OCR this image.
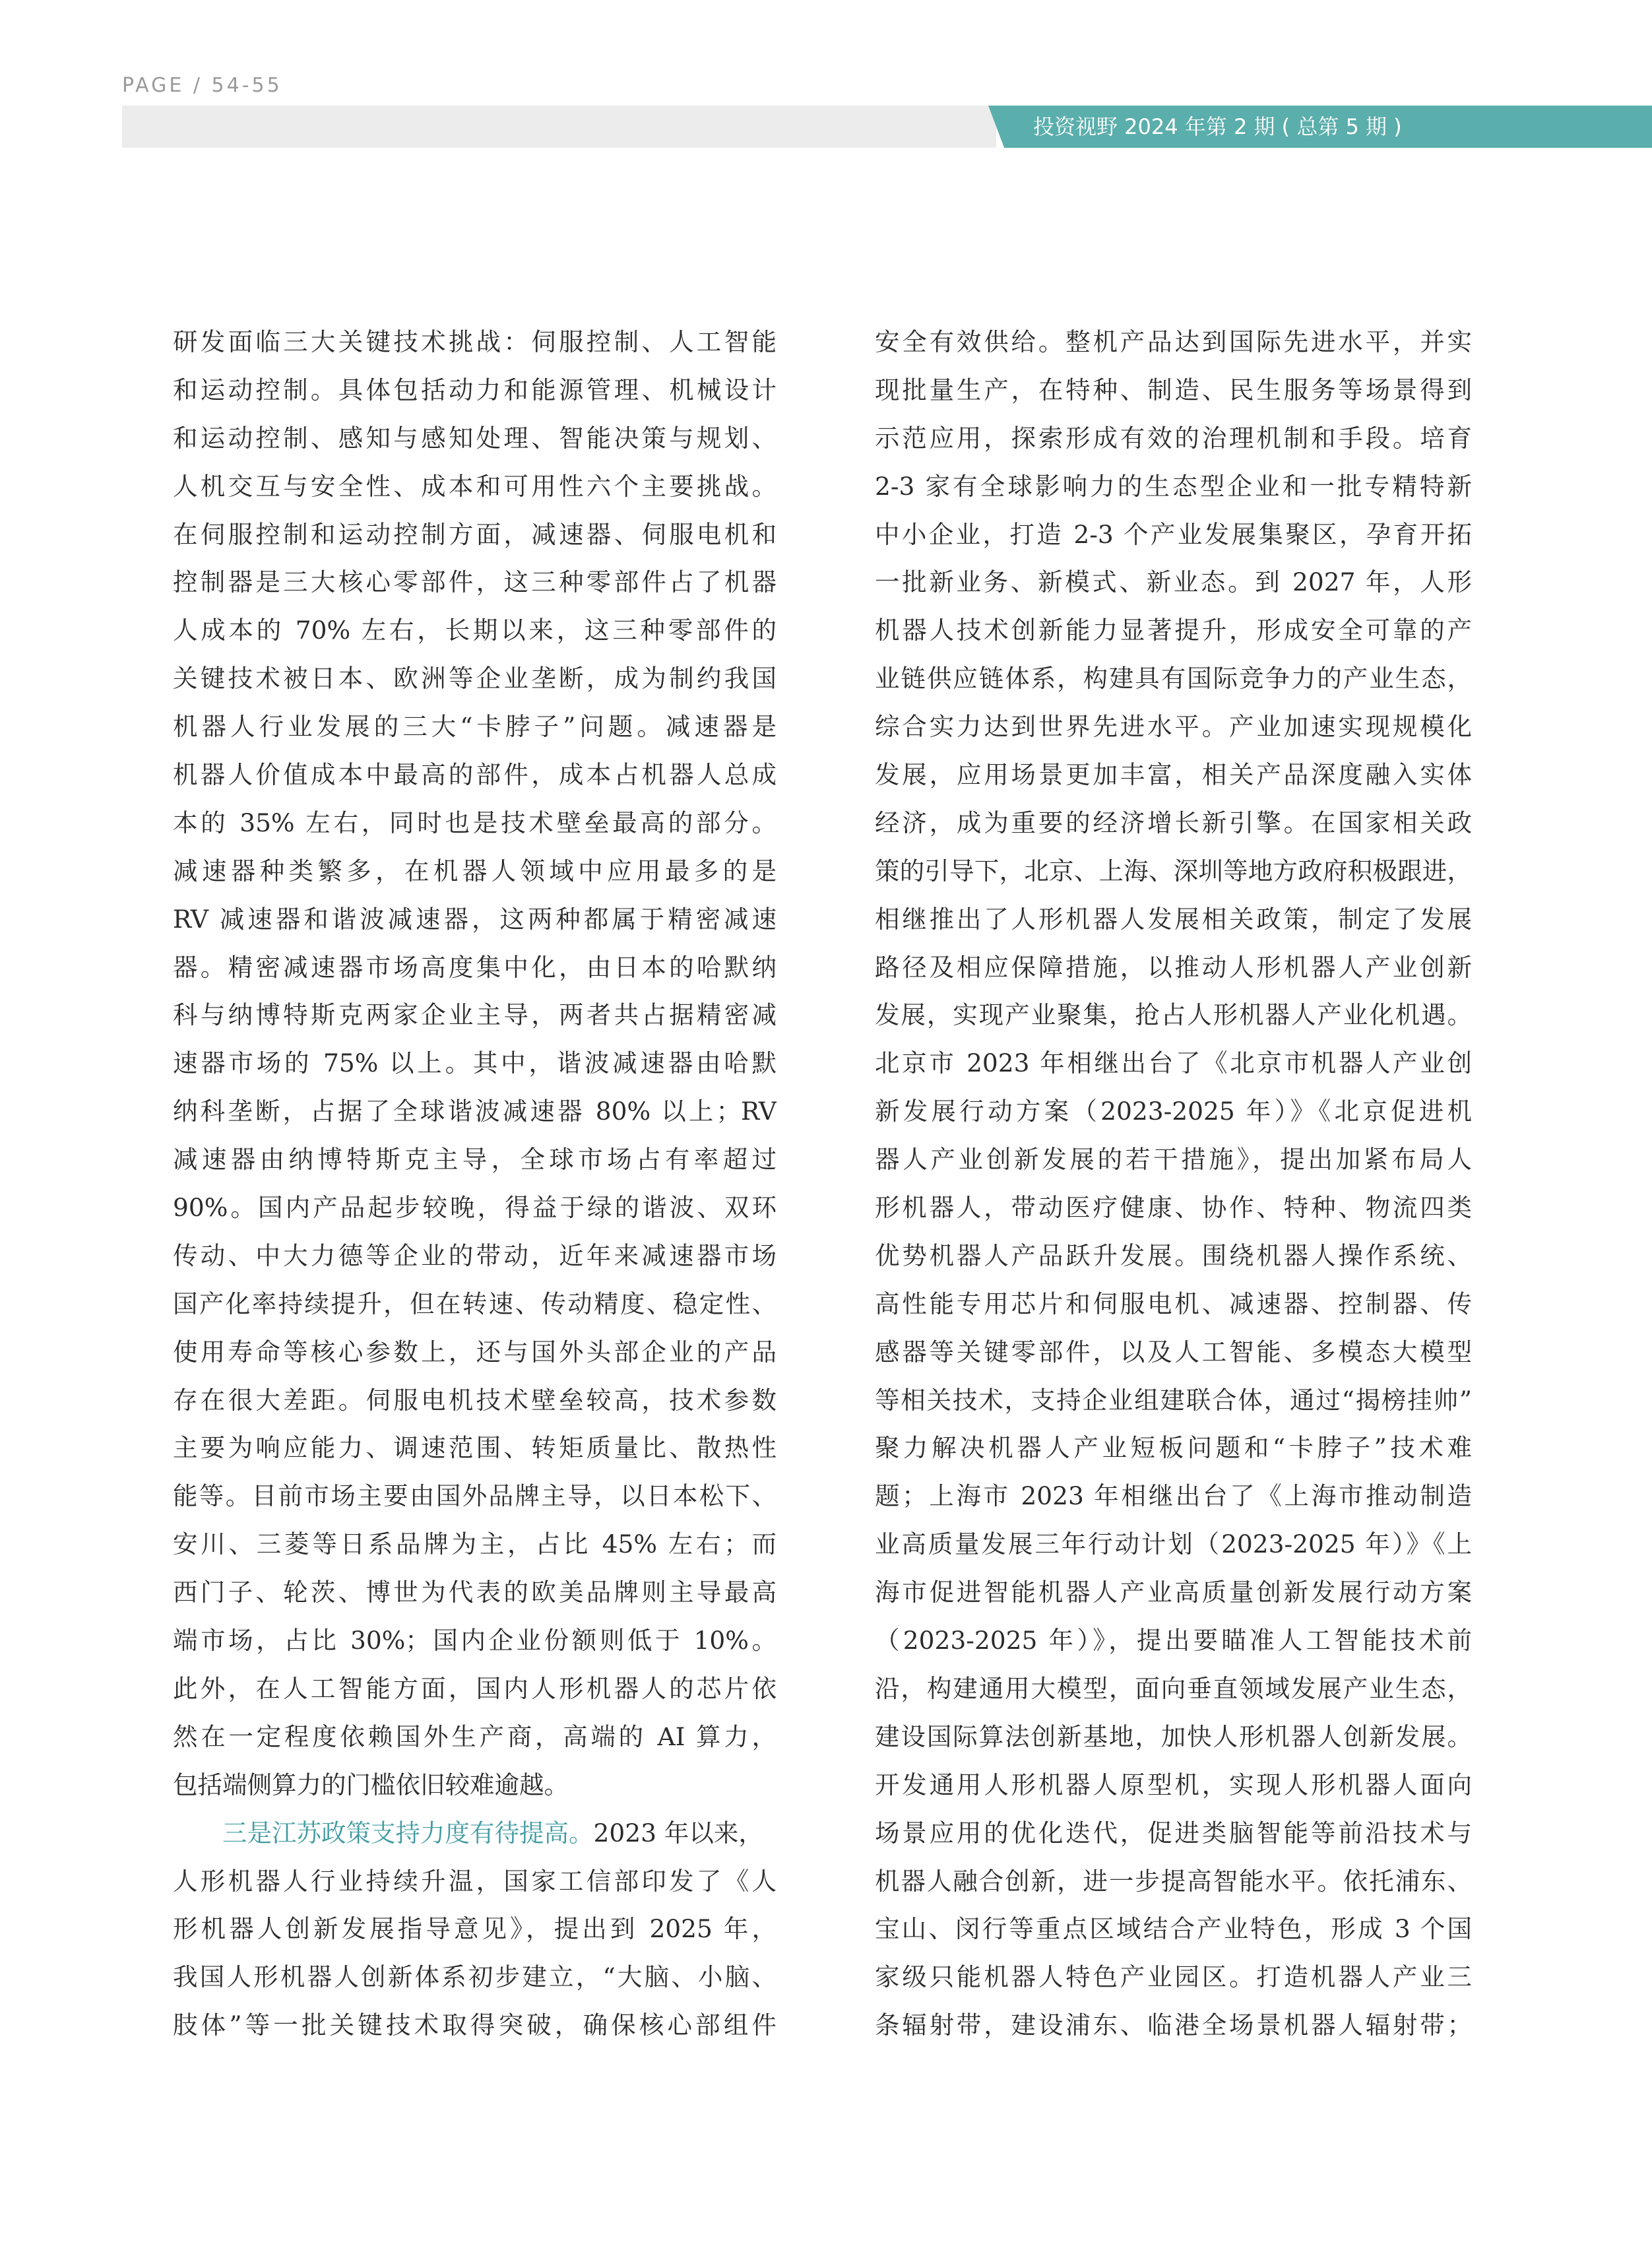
PAGE / 54-55
投资视野 2024 年第 2 期 ( 总第 5 期 )
研发面临三大关键技术挑战：伺服控制、人工智能
和运动控制。具体包括动力和能源管理、机械设计
和运动控制、感知与感知处理、智能决策与规划、
人机交互与安全性、成本和可用性六个主要挑战。
在伺服控制和运动控制方面，减速器、伺服电机和
控制器是三大核心零部件，这三种零部件占了机器
人成本的 70% 左右，长期以来，这三种零部件的
关键技术被日本、欧洲等企业垄断，成为制约我国
机器人行业发展的三大“卡脖子”问题。减速器是
机器人价值成本中最高的部件，成本占机器人总成
本的 35% 左右，同时也是技术壁垒最高的部分。
减速器种类繁多，在机器人领域中应用最多的是
RV 减速器和谐波减速器，这两种都属于精密减速
器。精密减速器市场高度集中化，由日本的哈默纳
科与纳博特斯克两家企业主导，两者共占据精密减
速器市场的 75% 以上。其中，谐波减速器由哈默
纳科垄断，占据了全球谐波减速器 80% 以上；RV
减速器由纳博特斯克主导，全球市场占有率超过
90%。国内产品起步较晚，得益于绿的谐波、双环
传动、中大力德等企业的带动，近年来减速器市场
国产化率持续提升，但在转速、传动精度、稳定性、
使用寿命等核心参数上，还与国外头部企业的产品
存在很大差距。伺服电机技术壁垒较高，技术参数
主要为响应能力、调速范围、转矩质量比、散热性
能等。目前市场主要由国外品牌主导，以日本松下、
安川、三菱等日系品牌为主，占比 45% 左右；而
西门子、轮茨、博世为代表的欧美品牌则主导最高
端市场，占比 30%；国内企业份额则低于 10%。
此外，在人工智能方面，国内人形机器人的芯片依
然在一定程度依赖国外生产商，高端的 AI 算力，
包括端侧算力的门槛依旧较难逾越。
三是江苏政策支持力度有待提高。2023 年以来，
人形机器人行业持续升温，国家工信部印发了《人
形机器人创新发展指导意见》，提出到 2025 年，
我国人形机器人创新体系初步建立，“大脑、小脑、
肢体”等一批关键技术取得突破，确保核心部组件
安全有效供给。整机产品达到国际先进水平，并实
现批量生产，在特种、制造、民生服务等场景得到
示范应用，探索形成有效的治理机制和手段。培育
2-3 家有全球影响力的生态型企业和一批专精特新
中小企业，打造 2-3 个产业发展集聚区，孕育开拓
一批新业务、新模式、新业态。到 2027 年，人形
机器人技术创新能力显著提升，形成安全可靠的产
业链供应链体系，构建具有国际竞争力的产业生态，
综合实力达到世界先进水平。产业加速实现规模化
发展，应用场景更加丰富，相关产品深度融入实体
经济，成为重要的经济增长新引擎。在国家相关政
策的引导下，北京、上海、深圳等地方政府积极跟进，
相继推出了人形机器人发展相关政策，制定了发展
路径及相应保障措施，以推动人形机器人产业创新
发展，实现产业聚集，抢占人形机器人产业化机遇。
北京市 2023 年相继出台了《北京市机器人产业创
新发展行动方案（2023-2025 年）》《北京促进机
器人产业创新发展的若干措施》，提出加紧布局人
形机器人，带动医疗健康、协作、特种、物流四类
优势机器人产品跃升发展。围绕机器人操作系统、
高性能专用芯片和伺服电机、减速器、控制器、传
感器等关键零部件，以及人工智能、多模态大模型
等相关技术，支持企业组建联合体，通过“揭榜挂帅”
聚力解决机器人产业短板问题和“卡脖子”技术难
题；上海市 2023 年相继出台了《上海市推动制造
业高质量发展三年行动计划（2023-2025 年）》《上
海市促进智能机器人产业高质量创新发展行动方案
（2023-2025 年）》，提出要瞄准人工智能技术前
沿，构建通用大模型，面向垂直领域发展产业生态，
建设国际算法创新基地，加快人形机器人创新发展。
开发通用人形机器人原型机，实现人形机器人面向
场景应用的优化迭代，促进类脑智能等前沿技术与
机器人融合创新，进一步提高智能水平。依托浦东、
宝山、闵行等重点区域结合产业特色，形成 3 个国
家级只能机器人特色产业园区。打造机器人产业三
条辐射带，建设浦东、临港全场景机器人辐射带；
